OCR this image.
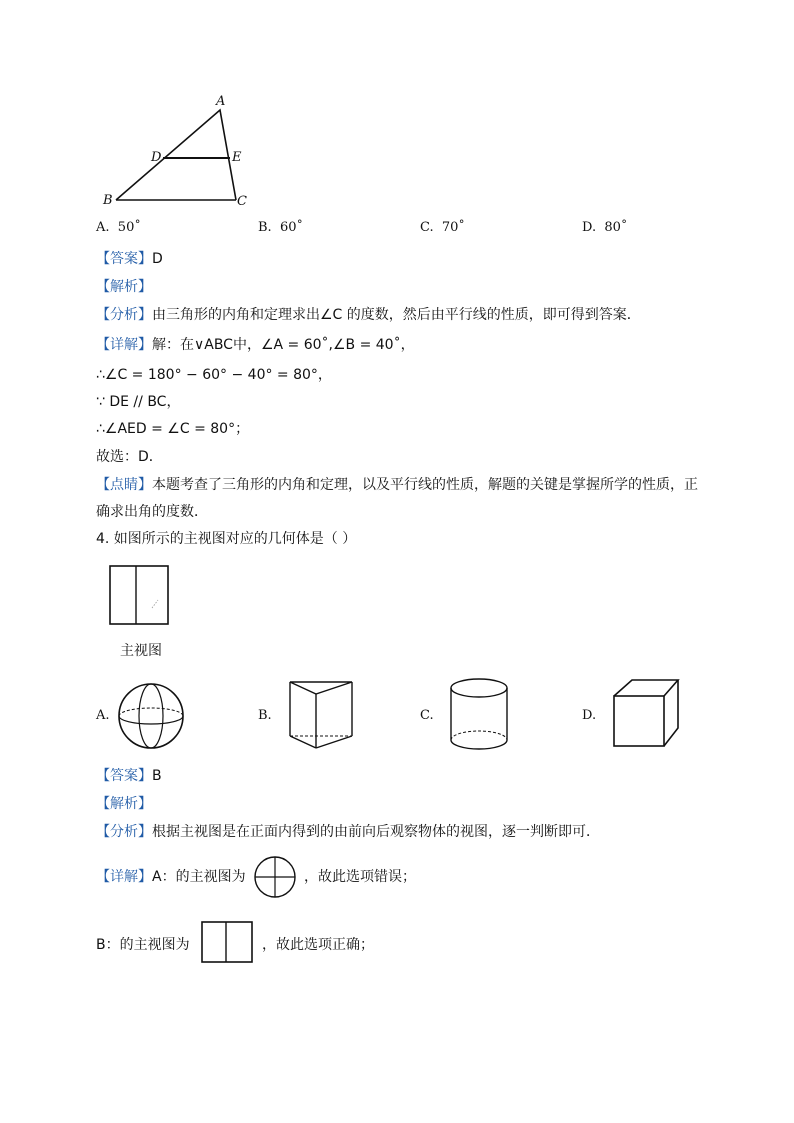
A
D	E
B	C
A. 50˚	B. 60˚	C. 70˚	D. 80˚
【答案】D
【解析】
【分析】由三角形的内角和定理求出∠C 的度数，然后由平行线的性质，即可得到答案．
【详解】解：在∨ABC中，∠A = 60˚,∠B = 40˚，
∴∠C = 180° − 60° − 40° = 80°，
∵ DE // BC，
∴∠AED = ∠C = 80°；
故选：D．
【点睛】本题考查了三角形的内角和定理，以及平行线的性质，解题的关键是掌握所学的性质，正
确求出角的度数．
4. 如图所示的主视图对应的几何体是（ ）
主视图
A.	B.	C.	D.
【答案】B
【解析】
【分析】根据主视图是在正面内得到的由前向后观察物体的视图，逐一判断即可．
【详解】A：的主视图为	，故此选项错误；
B：的主视图为	，故此选项正确；
